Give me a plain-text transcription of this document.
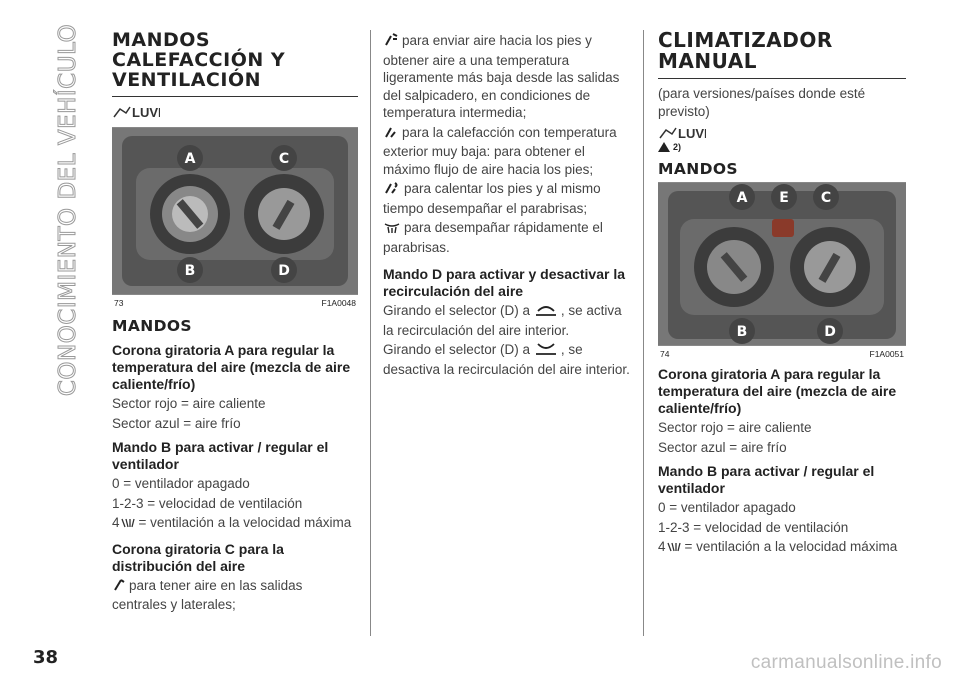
CONOCIMIENTO DEL VEHÍCULO MANDOS
CALEFACCIÓN Y
VENTILACIÓN
LUVI
A	C
B	D
73	F1A0048
MANDOS
Corona giratoria A para regular la temperatura del aire (mezcla de aire caliente/frío)

Sector rojo = aire caliente

Sector azul = aire frío

Mando B para activar / regular el ventilador

0 = ventilador apagado

1-2-3 = velocidad de ventilación

4 = ventilación a la velocidad máxima

Corona giratoria C para la distribución del aire

para tener aire en las salidas centrales y laterales;

para enviar aire hacia los pies y obtener aire a una temperatura ligeramente más baja desde las salidas del salpicadero, en condiciones de temperatura intermedia;

para la calefacción con temperatura exterior muy baja: para obtener el máximo flujo de aire hacia los pies;

para calentar los pies y al mismo tiempo desempañar el parabrisas;

para desempañar rápidamente el parabrisas.

Mando D para activar y desactivar la recirculación del aire

Girando el selector (D) a , se activa la recirculación del aire interior.

Girando el selector (D) a , se desactiva la recirculación del aire interior.

CLIMATIZADOR
MANUAL

(para versiones/países donde esté previsto)

LUVI
2)
MANDOS
A E C
B	D
74	F1A0051
Corona giratoria A para regular la temperatura del aire (mezcla de aire caliente/frío)

Sector rojo = aire caliente

Sector azul = aire frío

Mando B para activar / regular el ventilador

0 = ventilador apagado

1-2-3 = velocidad de ventilación

4 = ventilación a la velocidad máxima

38	carmanualsonline.info
